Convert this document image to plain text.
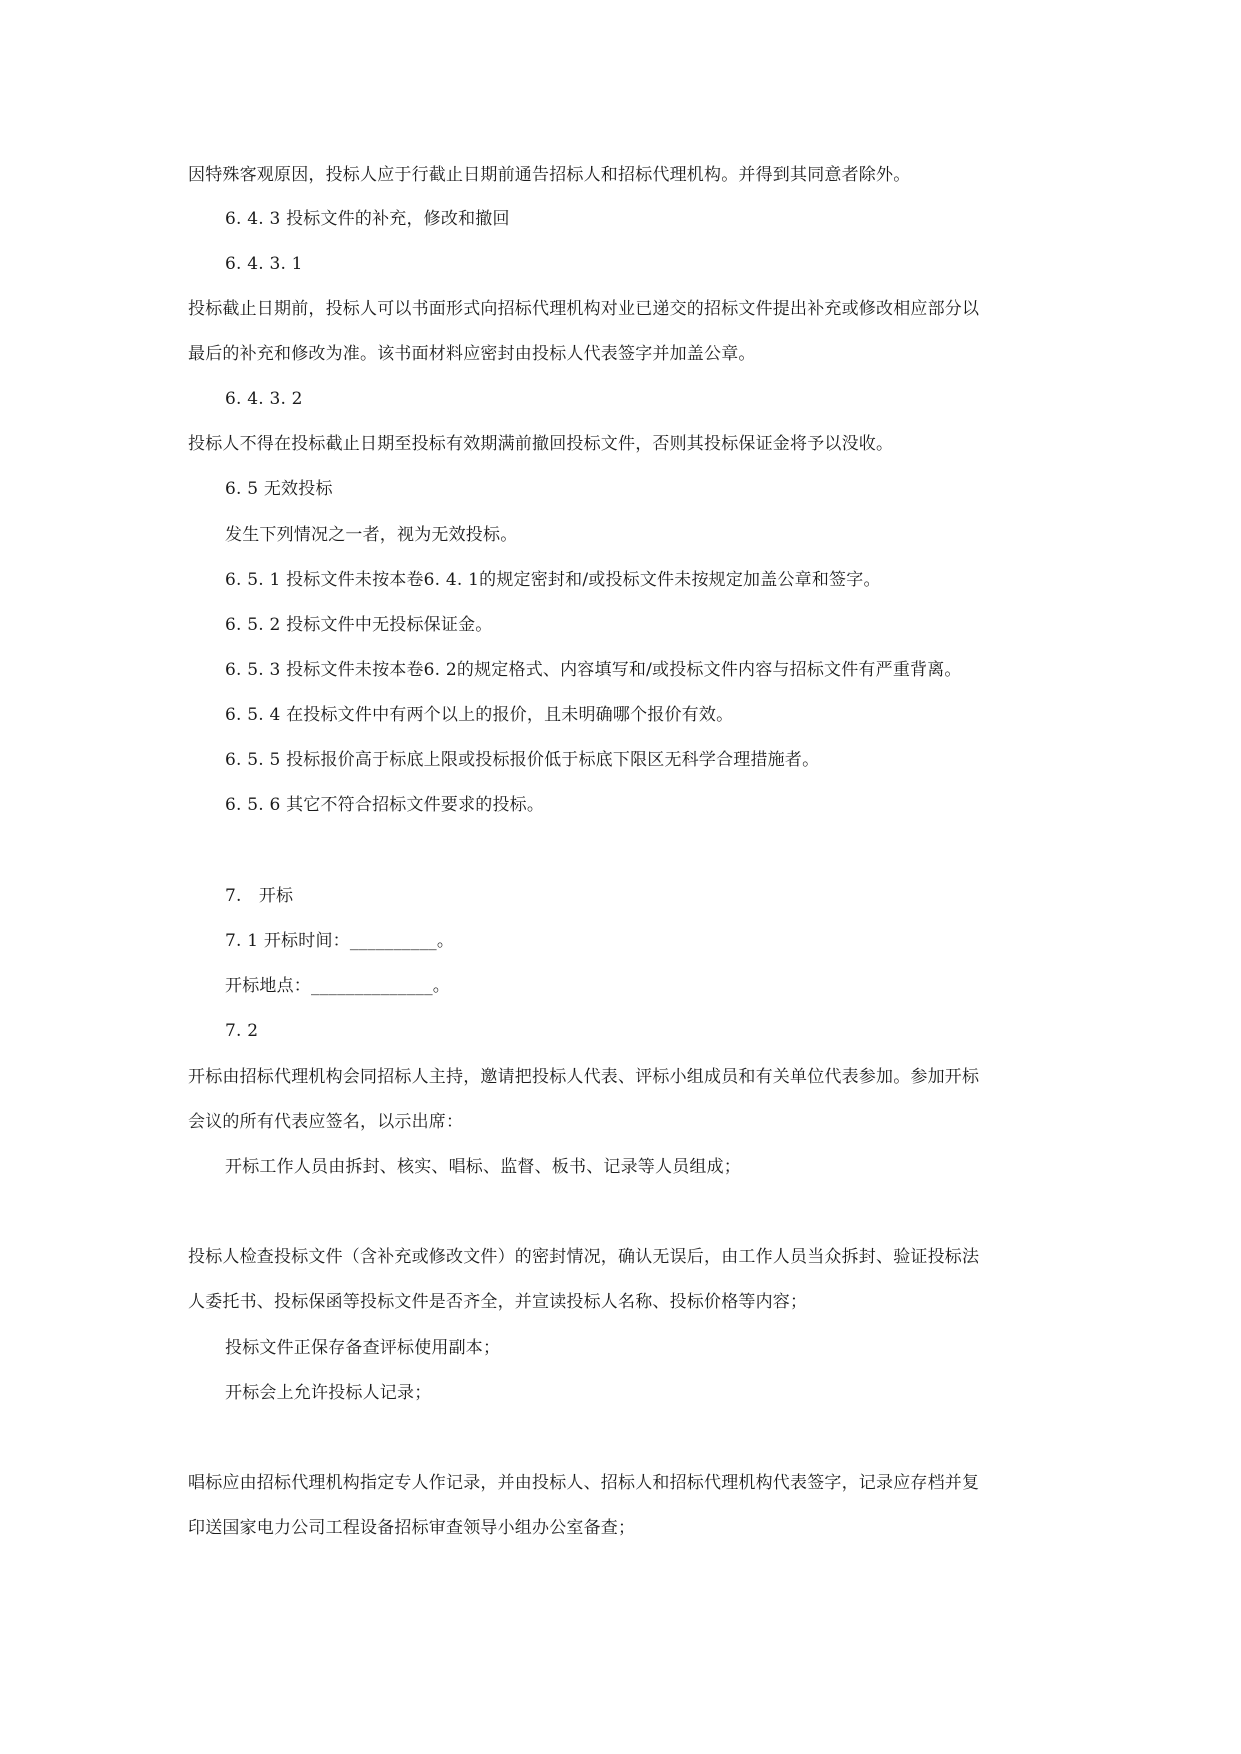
因特殊客观原因，投标人应于行截止日期前通告招标人和招标代理机构。并得到其同意者除外。
6. 4. 3 投标文件的补充，修改和撤回
6. 4. 3. 1
投标截止日期前，投标人可以书面形式向招标代理机构对业已递交的招标文件提出补充或修改相应部分以
最后的补充和修改为准。该书面材料应密封由投标人代表签字并加盖公章。
6. 4. 3. 2
投标人不得在投标截止日期至投标有效期满前撤回投标文件，否则其投标保证金将予以没收。
6. 5 无效投标
发生下列情况之一者，视为无效投标。
6. 5. 1 投标文件未按本卷6. 4. 1的规定密封和/或投标文件未按规定加盖公章和签字。
6. 5. 2 投标文件中无投标保证金。
6. 5. 3 投标文件未按本卷6. 2的规定格式、内容填写和/或投标文件内容与招标文件有严重背离。
6. 5. 4 在投标文件中有两个以上的报价，且未明确哪个报价有效。
6. 5. 5 投标报价高于标底上限或投标报价低于标底下限区无科学合理措施者。
6. 5. 6 其它不符合招标文件要求的投标。
7.　开标
7. 1 开标时间：__________。
开标地点：______________。
7. 2
开标由招标代理机构会同招标人主持，邀请把投标人代表、评标小组成员和有关单位代表参加。参加开标
会议的所有代表应签名，以示出席：
开标工作人员由拆封、核实、唱标、监督、板书、记录等人员组成；
投标人检查投标文件（含补充或修改文件）的密封情况，确认无误后，由工作人员当众拆封、验证投标法
人委托书、投标保函等投标文件是否齐全，并宣读投标人名称、投标价格等内容；
投标文件正保存备查评标使用副本；
开标会上允许投标人记录；
唱标应由招标代理机构指定专人作记录，并由投标人、招标人和招标代理机构代表签字，记录应存档并复
印送国家电力公司工程设备招标审查领导小组办公室备查；
